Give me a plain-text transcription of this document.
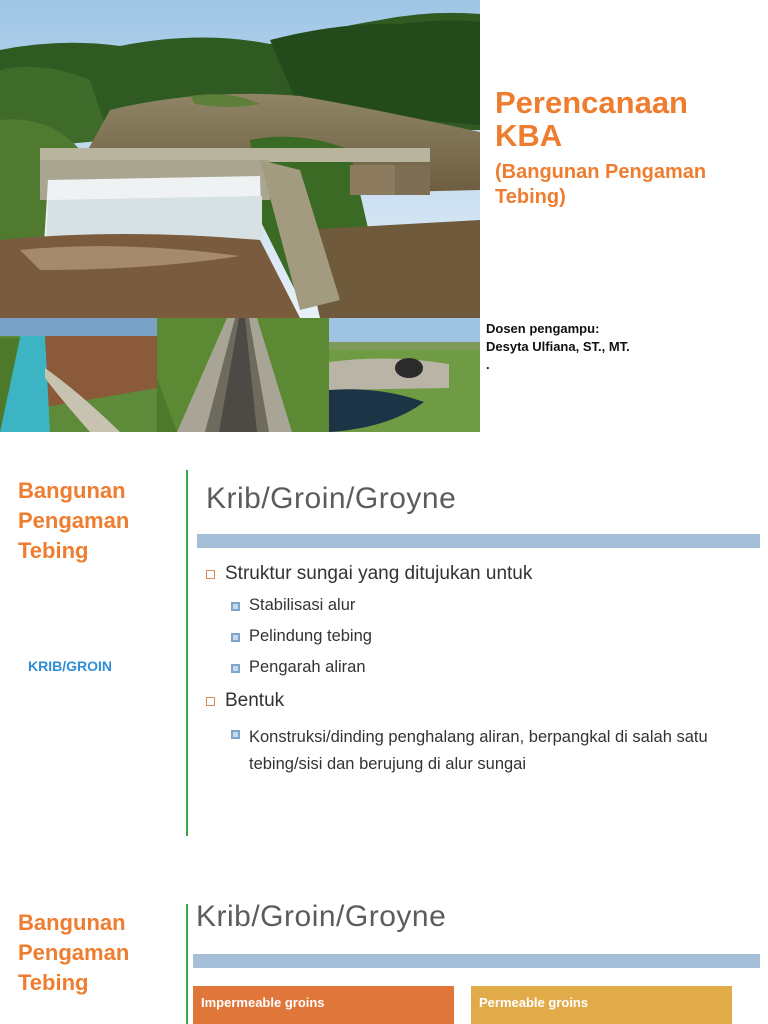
Perencanaan KBA
(Bangunan Pengaman Tebing)
Dosen pengampu:
Desyta Ulfiana, ST., MT.
.
Bangunan Pengaman Tebing
KRIB/GROIN
Krib/Groin/Groyne
Struktur sungai yang ditujukan untuk
Stabilisasi alur
Pelindung tebing
Pengarah aliran
Bentuk
Konstruksi/dinding penghalang aliran, berpangkal di salah satu tebing/sisi dan berujung di alur sungai
Bangunan Pengaman Tebing
Krib/Groin/Groyne
Impermeable groins	Permeable groins
